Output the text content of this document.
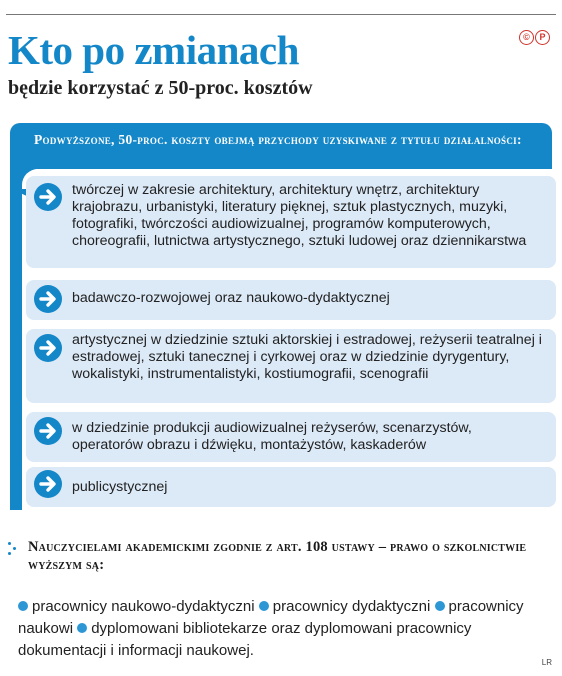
Kto po zmianach
będzie korzystać z 50-proc. kosztów
© P
Podwyższone, 50-proc. koszty obejmą przychody uzyskiwane z tytułu działalności:
twórczej w zakresie architektury, architektury wnętrz, architektury krajobrazu, urbanistyki, literatury pięknej, sztuk plastycznych, muzyki, fotografiki, twórczości audiowizualnej, programów komputerowych, choreografii, lutnictwa artystycznego, sztuki ludowej oraz dziennikarstwa
badawczo-rozwojowej oraz naukowo-dydaktycznej
artystycznej w dziedzinie sztuki aktorskiej i estradowej, reżyserii teatralnej i estradowej, sztuki tanecznej i cyrkowej oraz w dziedzinie dyrygentury, wokalistyki, instrumentalistyki, kostiumografii, scenografii
w dziedzinie produkcji audiowizualnej reżyserów, scenarzystów, operatorów obrazu i dźwięku, montażystów, kaskaderów
publicystycznej
Nauczycielami akademickimi zgodnie z art. 108 ustawy – prawo o szkolnictwie wyższym są:
pracownicy naukowo-dydaktyczni pracownicy dydaktyczni pracownicy naukowi dyplomowani bibliotekarze oraz dyplomowani pracownicy dokumentacji i informacji naukowej.
LR
